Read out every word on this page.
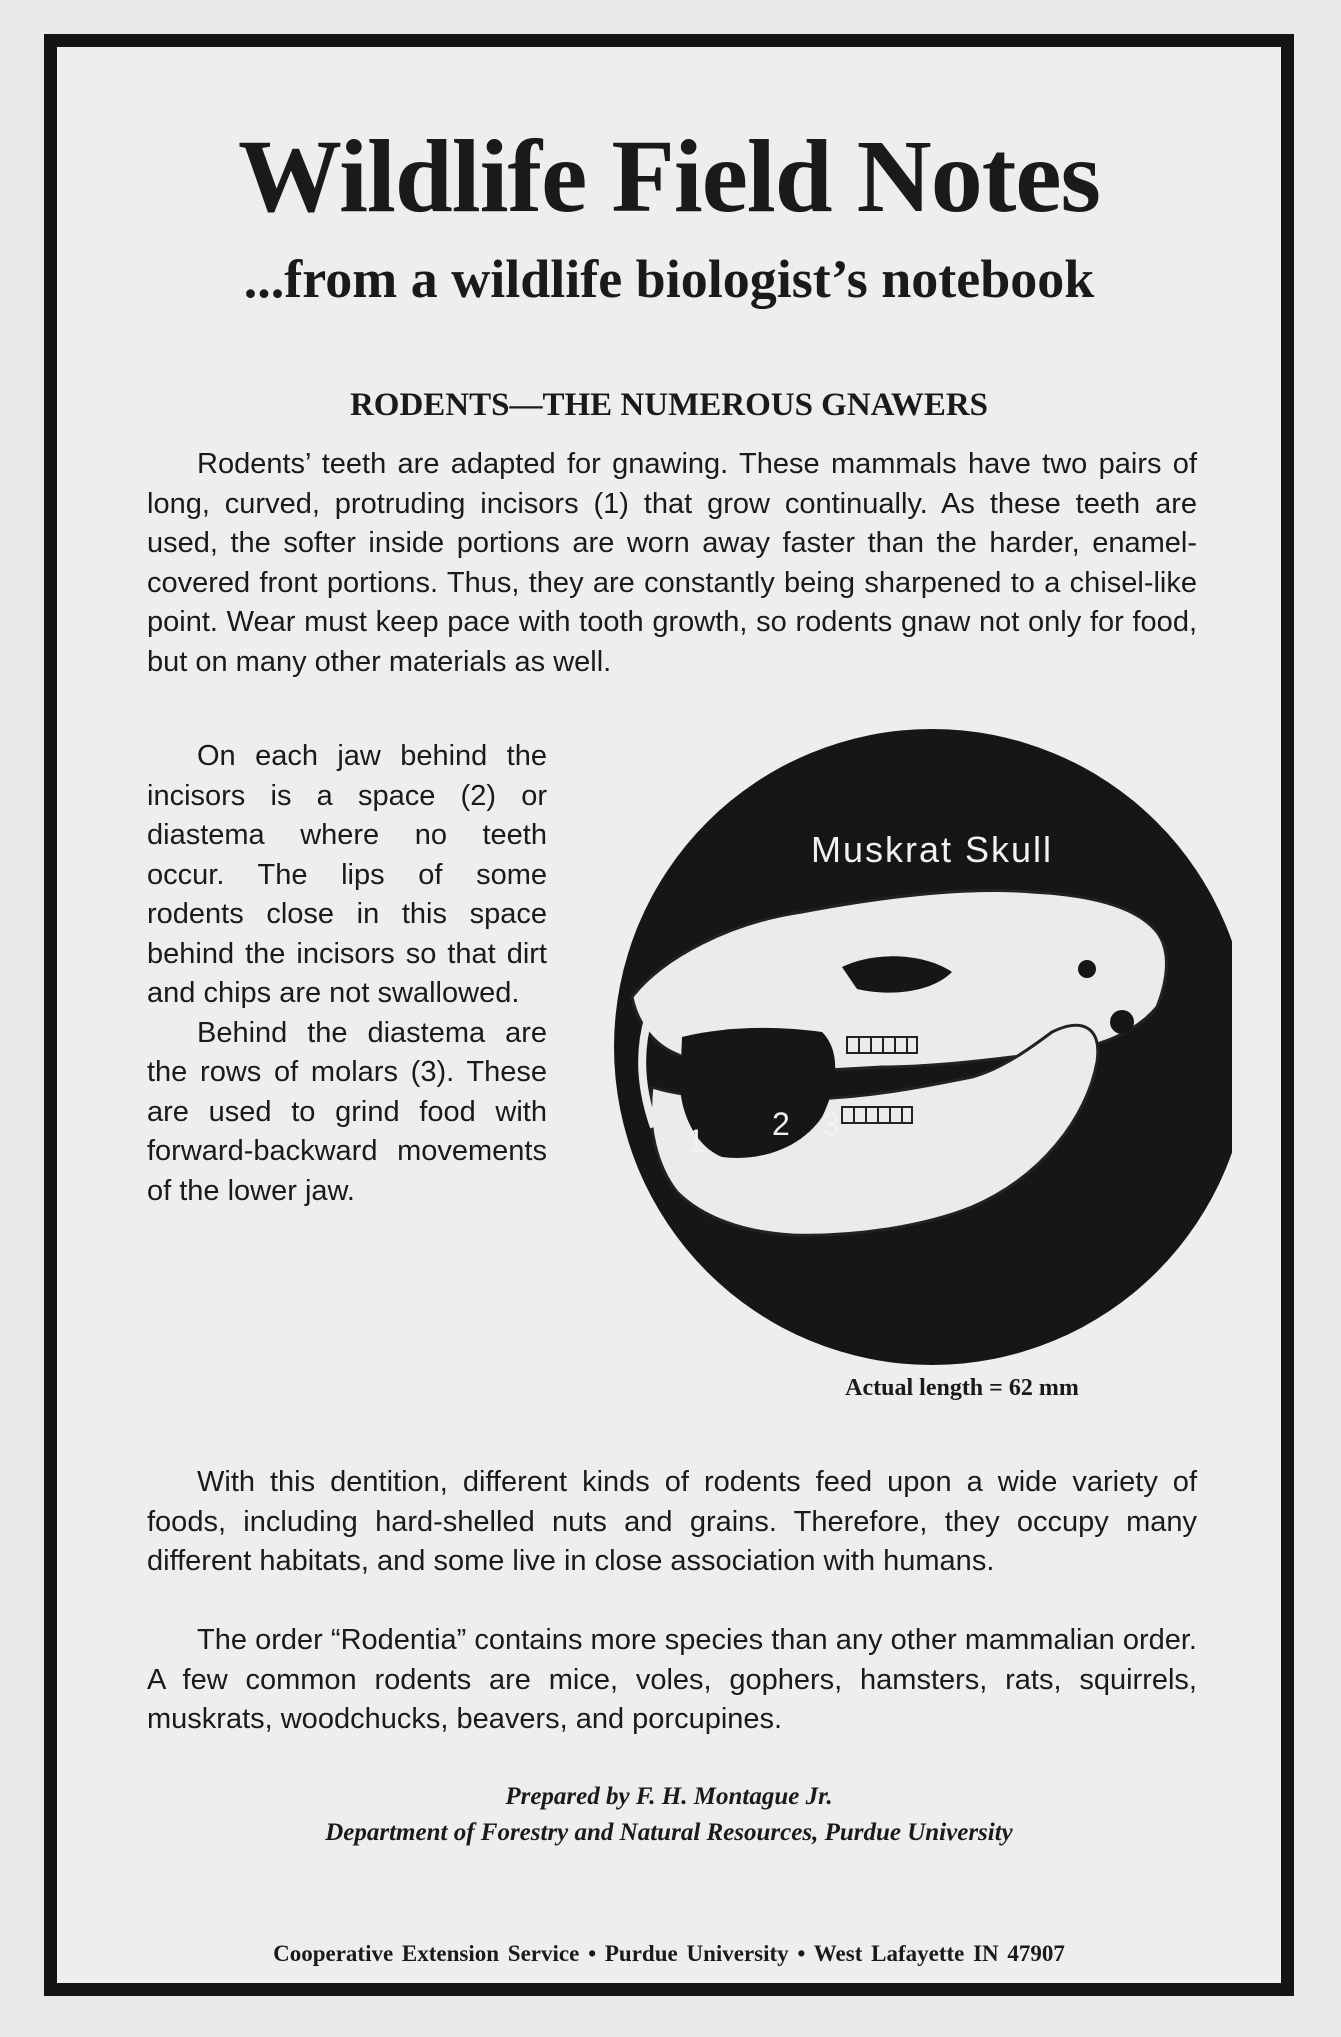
Wildlife Field Notes
...from a wildlife biologist’s notebook
RODENTS—THE NUMEROUS GNAWERS

Rodents’ teeth are adapted for gnawing. These mammals have two pairs of long, curved, protruding incisors (1) that grow continually. As these teeth are used, the softer inside portions are worn away faster than the harder, enamel-covered front portions. Thus, they are constantly being sharpened to a chisel-like point. Wear must keep pace with tooth growth, so rodents gnaw not only for food, but on many other materials as well.

On each jaw behind the incisors is a space (2) or diastema where no teeth occur. The lips of some rodents close in this space behind the incisors so that dirt and chips are not swallowed.

Behind the diastema are the rows of molars (3). These are used to grind food with forward-backward movements of the lower jaw.

Muskrat Skull
1 2 3
Actual length = 62 mm

With this dentition, different kinds of rodents feed upon a wide variety of foods, including hard-shelled nuts and grains. Therefore, they occupy many different habitats, and some live in close association with humans.

The order “Rodentia” contains more species than any other mammalian order. A few common rodents are mice, voles, gophers, hamsters, rats, squirrels, muskrats, woodchucks, beavers, and porcupines.

Prepared by F. H. Montague Jr.
Department of Forestry and Natural Resources, Purdue University
Cooperative Extension Service • Purdue University • West Lafayette IN 47907
